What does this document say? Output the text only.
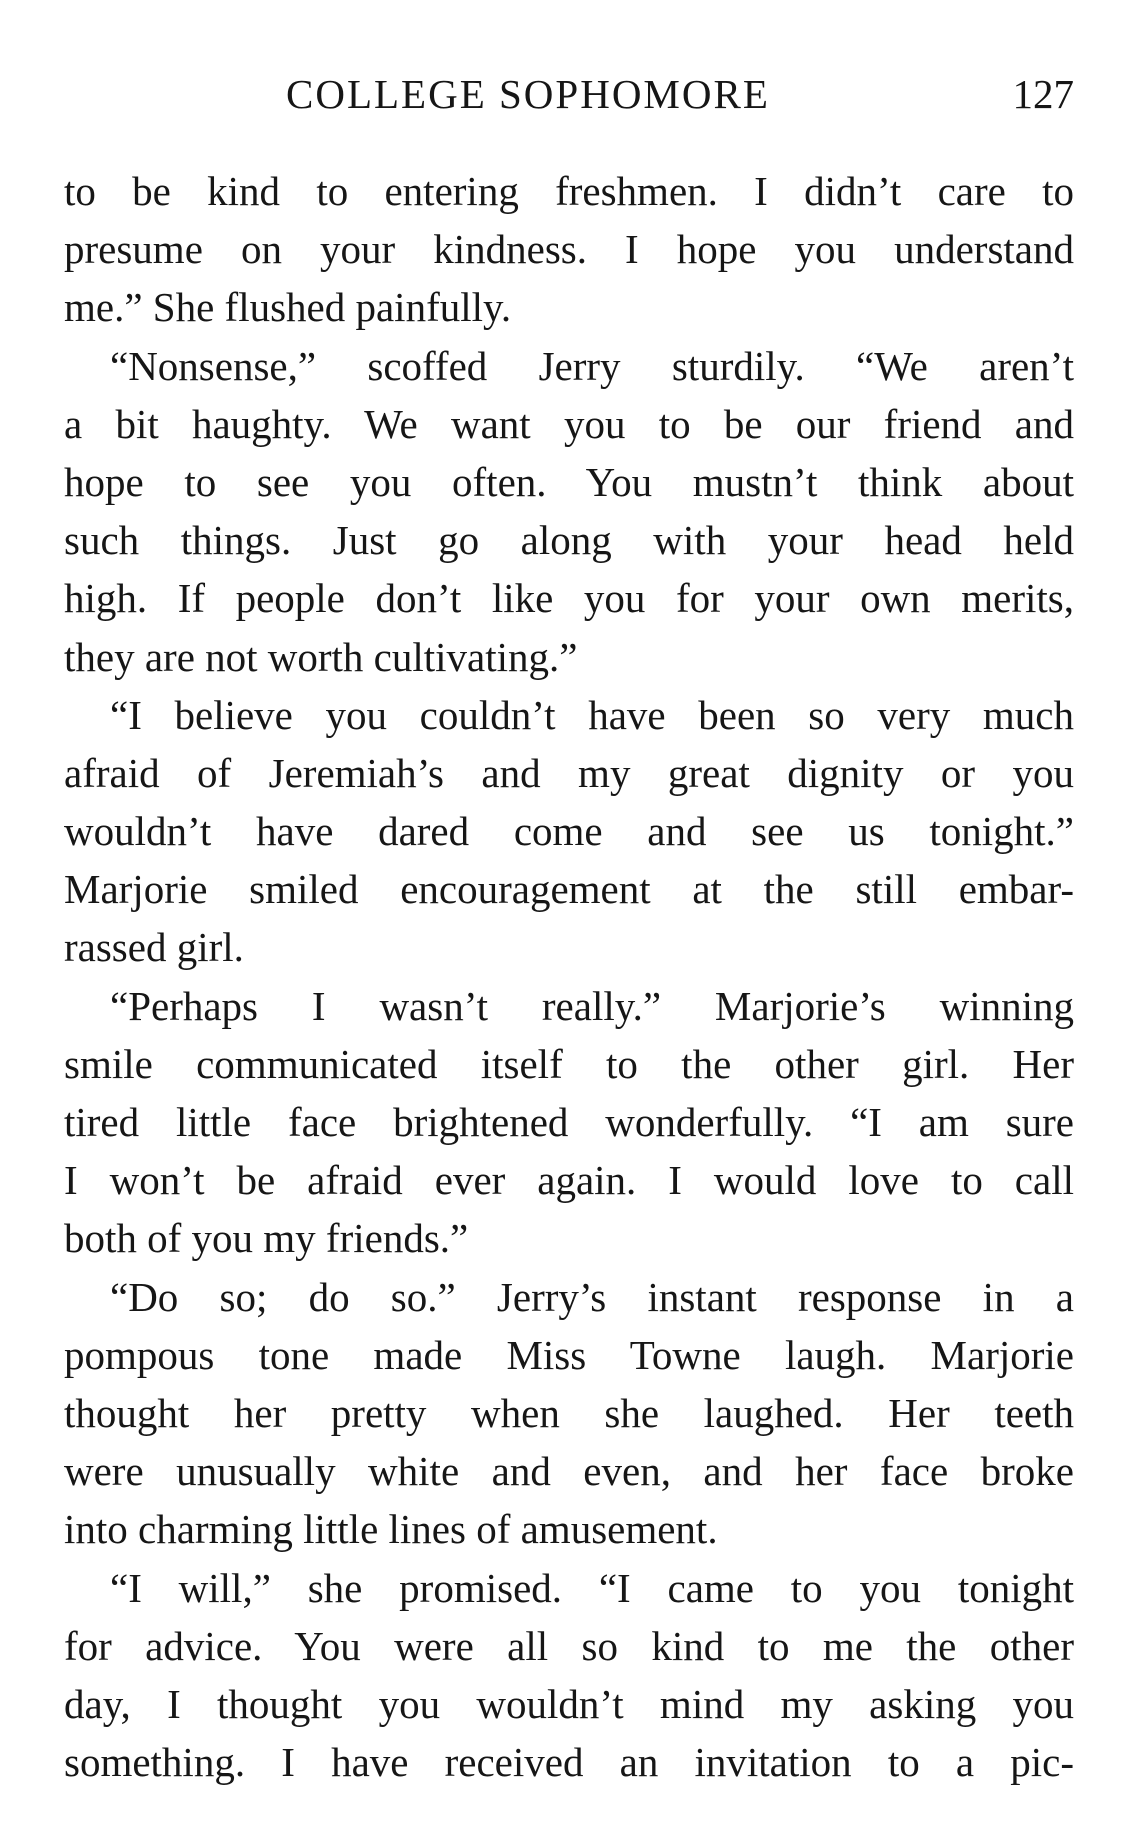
COLLEGE SOPHOMORE	127
to be kind to entering freshmen. I didn’t care to
presume on your kindness. I hope you understand
me.” She flushed painfully.
“Nonsense,” scoffed Jerry sturdily. “We aren’t
a bit haughty. We want you to be our friend and
hope to see you often. You mustn’t think about
such things. Just go along with your head held
high. If people don’t like you for your own merits,
they are not worth cultivating.”
“I believe you couldn’t have been so very much
afraid of Jeremiah’s and my great dignity or you
wouldn’t have dared come and see us tonight.”
Marjorie smiled encouragement at the still embar-
rassed girl.
“Perhaps I wasn’t really.” Marjorie’s winning
smile communicated itself to the other girl. Her
tired little face brightened wonderfully. “I am sure
I won’t be afraid ever again. I would love to call
both of you my friends.”
“Do so; do so.” Jerry’s instant response in a
pompous tone made Miss Towne laugh. Marjorie
thought her pretty when she laughed. Her teeth
were unusually white and even, and her face broke
into charming little lines of amusement.
“I will,” she promised. “I came to you tonight
for advice. You were all so kind to me the other
day, I thought you wouldn’t mind my asking you
something. I have received an invitation to a pic-
